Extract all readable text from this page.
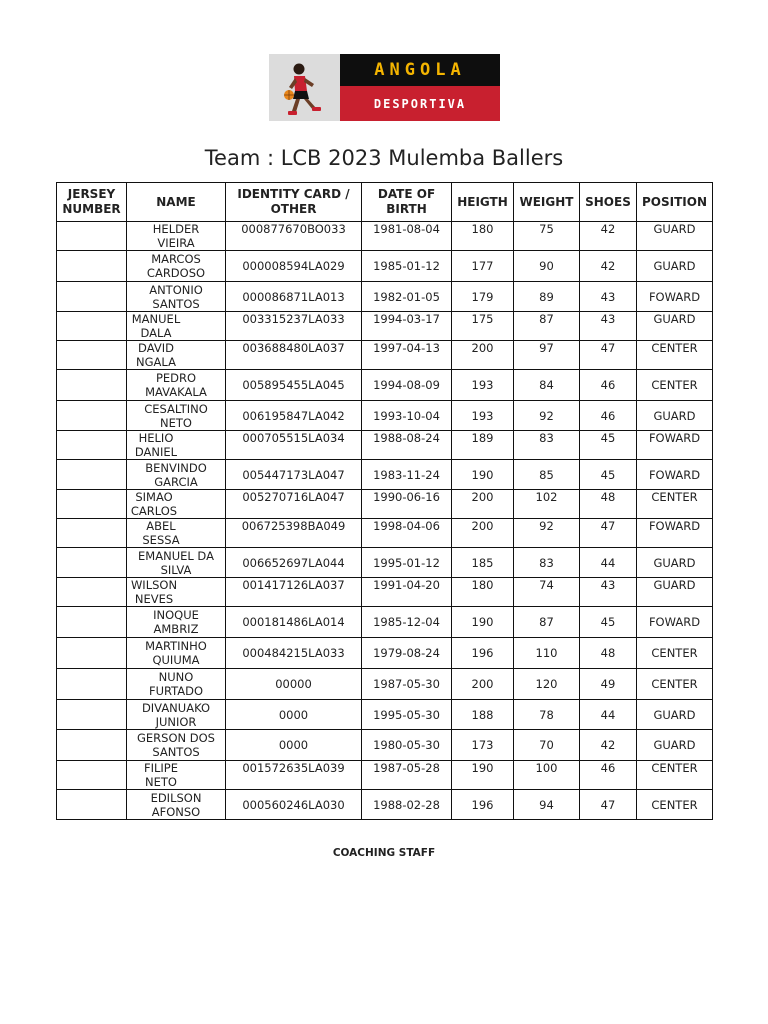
ANGOLA
DESPORTIVA
Team : LCB 2023 Mulemba Ballers
JERSEY
NUMBER	NAME	IDENTITY CARD /
OTHER	DATE OF
BIRTH	HEIGTH	WEIGHT	SHOES	POSITION

	HELDER
VIEIRA	000877670BO033	1981-08-04	180	75	42	GUARD

	MARCOS
CARDOSO	000008594LA029	1985-01-12	177	90	42	GUARD

	ANTONIO
SANTOS	000086871LA013	1982-01-05	179	89	43	FOWARD

	MANUEL
DALA	003315237LA033	1994-03-17	175	87	43	GUARD

	DAVID
NGALA	003688480LA037	1997-04-13	200	97	47	CENTER

	PEDRO
MAVAKALA	005895455LA045	1994-08-09	193	84	46	CENTER

	CESALTINO
NETO	006195847LA042	1993-10-04	193	92	46	GUARD

	HELIO
DANIEL	000705515LA034	1988-08-24	189	83	45	FOWARD

	BENVINDO
GARCIA	005447173LA047	1983-11-24	190	85	45	FOWARD

	SIMAO
CARLOS	005270716LA047	1990-06-16	200	102	48	CENTER

	ABEL
SESSA	006725398BA049	1998-04-06	200	92	47	FOWARD

	EMANUEL DA
SILVA	006652697LA044	1995-01-12	185	83	44	GUARD

	WILSON
NEVES	001417126LA037	1991-04-20	180	74	43	GUARD

	INOQUE
AMBRIZ	000181486LA014	1985-12-04	190	87	45	FOWARD

	MARTINHO
QUIUMA	000484215LA033	1979-08-24	196	110	48	CENTER

	NUNO
FURTADO	00000	1987-05-30	200	120	49	CENTER

	DIVANUAKO
JUNIOR	0000	1995-05-30	188	78	44	GUARD

	GERSON DOS
SANTOS	0000	1980-05-30	173	70	42	GUARD

	FILIPE
NETO	001572635LA039	1987-05-28	190	100	46	CENTER

	EDILSON
AFONSO	000560246LA030	1988-02-28	196	94	47	CENTER
COACHING STAFF
